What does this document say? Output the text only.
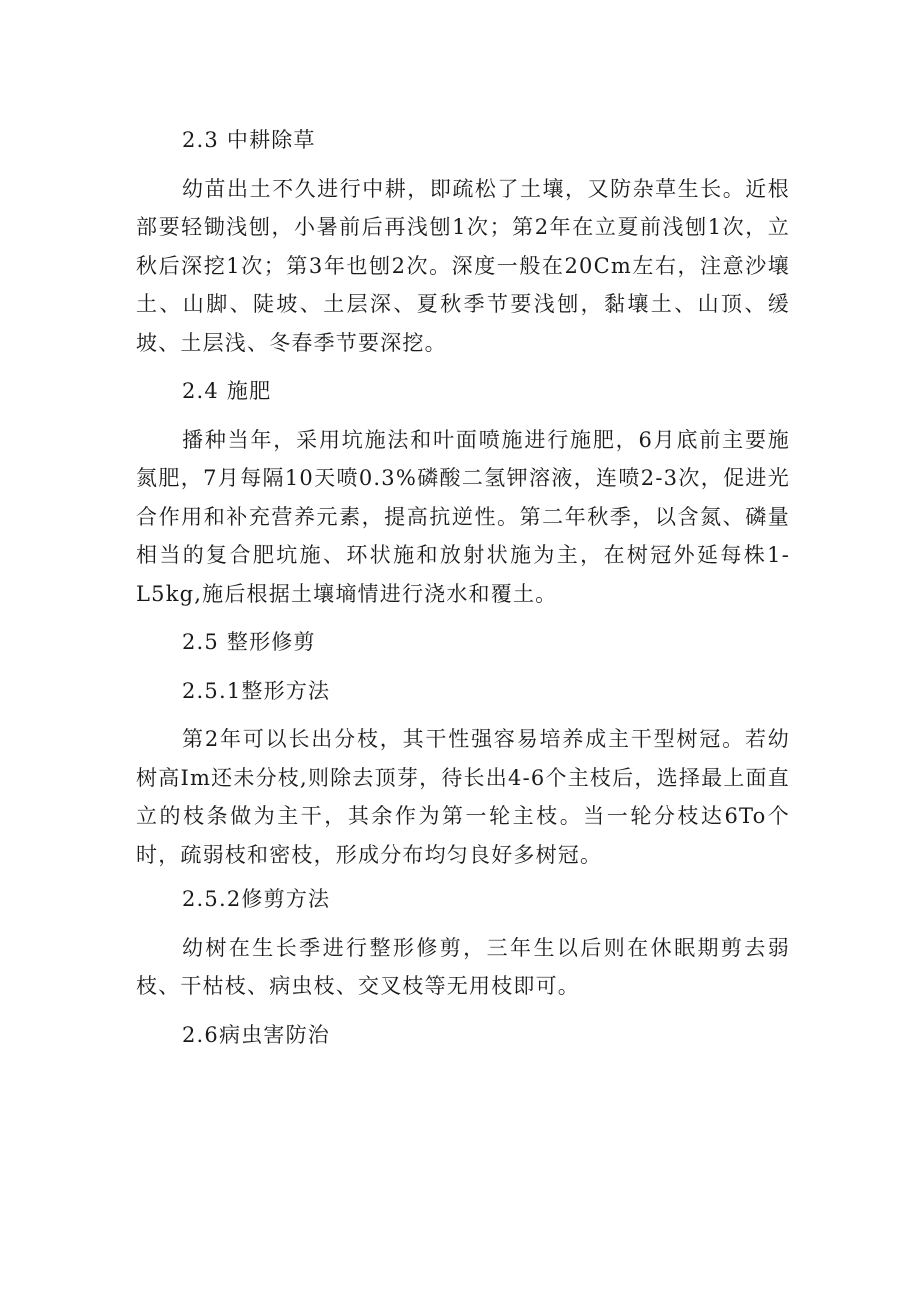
2.3 中耕除草

幼苗出土不久进行中耕，即疏松了土壤，又防杂草生长。近根部要轻锄浅刨，小暑前后再浅刨1次；第2年在立夏前浅刨1次，立秋后深挖1次；第3年也刨2次。深度一般在20Cm左右，注意沙壤土、山脚、陡坡、土层深、夏秋季节要浅刨，黏壤土、山顶、缓坡、土层浅、冬春季节要深挖。

2.4 施肥

播种当年，采用坑施法和叶面喷施进行施肥，6月底前主要施氮肥，7月每隔10天喷0.3%磷酸二氢钾溶液，连喷2-3次，促进光合作用和补充营养元素，提高抗逆性。第二年秋季，以含氮、磷量相当的复合肥坑施、环状施和放射状施为主，在树冠外延每株1-L5kg,施后根据土壤墒情进行浇水和覆土。

2.5 整形修剪

2.5.1整形方法

第2年可以长出分枝，其干性强容易培养成主干型树冠。若幼树高Im还未分枝,则除去顶芽，待长出4-6个主枝后，选择最上面直立的枝条做为主干，其余作为第一轮主枝。当一轮分枝达6To个时，疏弱枝和密枝，形成分布均匀良好多树冠。

2.5.2修剪方法

幼树在生长季进行整形修剪，三年生以后则在休眠期剪去弱枝、干枯枝、病虫枝、交叉枝等无用枝即可。

2.6病虫害防治
